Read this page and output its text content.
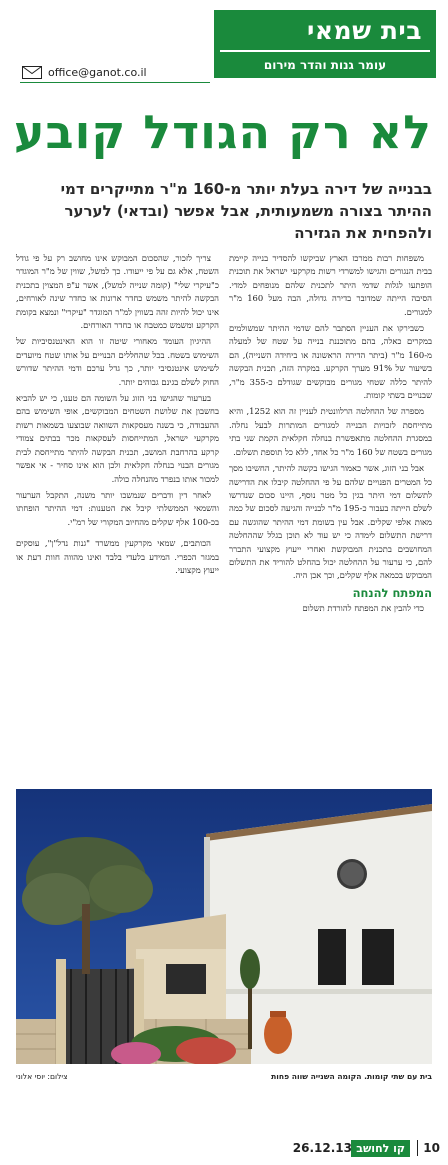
בית שמאי
עומר גנות והדר מירום
office@ganot.co.il
לא רק הגודל קובע
בבנייה של דירה בעלת יותר מ-160 מ"ר מתייקרים דמי ההיתר בצורה משמעותית, אבל אפשר (ובדאי) לערער ולהפחית את הגזירה

משפחות רבות ממרכז הארץ שביקשו להסדיר בנייה קיימת בבית הנגורים והגישו למשרדי רשות מקרקעי ישראל את תוכנית הופתעו לגלות שדמי היתר לתכנית שלהם מנופחים למדי. הסיבה הייתה שמדובר בדירה גדולה, הבה מעל 160 מ"ר למגורים.

כשבירקו את העניין הסתבר להם שדמי ההיתר שמשולמים במקרים כאלה, בהם מתוכננת בנייה על שטח של למעלה מ-160 מ"ר (ביתר הדירה הראשונה או ביחידה השנייה), הם בשיעור של 91% מערך הקרקע. במקרה הזה, תכנית הבקשה להיתר כללה שטחי מגורים מבוקשים שגודלם כ-355 מ"ר, שבנויים בשתי קומות.

מספרה של ההחלטה הרלוונטית לעניין זה הוא 1252, והיא מתייחסת לזכויות הבנייה למגורים המותרות לבעל נחלה. במסגרת ההחלטה מתאפשרת בנחלה חקלאית הקמת שני בתי מגורים בשטח של 160 מ"ר כל אחד, ללא כל תוספת תשלום.

אבל בני הזוג, אשר כאמור הגישו בקשה להיתר, החשיבו מסך כל המטרים הפנויים שלהם על פי ההחלטה קיבלו את הדרישה לתשלום דמי היתר בגין כל מטר נוסף, היינו סכום שנדרשו לשלם הייתה בעבור כ-195 מ"ר לבנייה והגיעה לסכום של כמה מאות אלפי שקלים. אבל עין בשומת דמי ההיתר שהוגשה עם דרישת התשלום לימדה כי יש עוד לא תוכן בגלל שההחלטה המחושבים בתכנית המבוקשת ואחרי ייעוץ מקצועי התברר להם, כי ערעור על ההחלטה יכול בהחלט להוריד את התשלום המבוקש בכמאה אלף שקלים, וכך אכן היה.

המפתח להנחה

כדי להבין את המפתח להורדת תשלום

צריך לזכור, שהסכום המבוקש אינו מחושב רק על פי גודל השטח, אלא גם על פי ייעודו. כך למשל, שווין של מ"ר המוגדר כ"עיקרי שלי" (קומה שנייה למשל), אשר ע"פ המצוין בתכנית הבקשה להיתר משמש כחדר ארונות או כחדר שינה לאורחים, אינו יכול להיות זהה בשווין למ"ר המוגדר "עיקרי" ונמצא בקומת הקרקע ומשמש כמטבח או כחדר האורחים.

ההיגיון העומד מאחורי שיטה זו הוא האינטנסיביות של השימוש בשטח. בכל שהחללים הבנויים על אותו שטח מיועדים לשימוש אינטנסיבי יותר, כך גדל ערכם ודמי ההיתר שדורש החוק לשלם בגינם גבוהים יותר.

בערעור שהגישו בני הזוג על השומה הם טענו, כי יש להביא בחשבון את שלושת השטחים המבוקשים, אופי השימוש בהם ההעבודה, כי בשנה מעסקאות השוואה שבוצעו בשמאות רשות מקרקעי ישראל, המתייחסות לעסקאות מכר בבתים צמודי קרקע בהרחבת המושב, תכנית הבקשה להיתר מתייחסת לבית מגורים הבנוי בנחלה חקלאית ולכן הוא אינו סחיר - אי אפשר למכור אותו בנפרד מהנחלה כולה.

לאחר דין ודברים שנמשכו יותר משנה, התקבל הערעור והשמאי הממשלתי קיבל את הטענות: דמי ההיתר הופחתו בכ-100 אלף שקלים מהחיוב המקורי של רמ"י.

הכותבים, שמאי מקרקעין ממשרד "גנות נדל"ן", עוסקים במגזר הכפרי. המידע בלעדי בלבד ואינו מהווה חוות דעת או ייעוץ מקצועי.

בית עם שתי קומות. הקומה השנייה שווה פחות
צילום: יוסי אלוני
10
קו לחושב
26.12.13
